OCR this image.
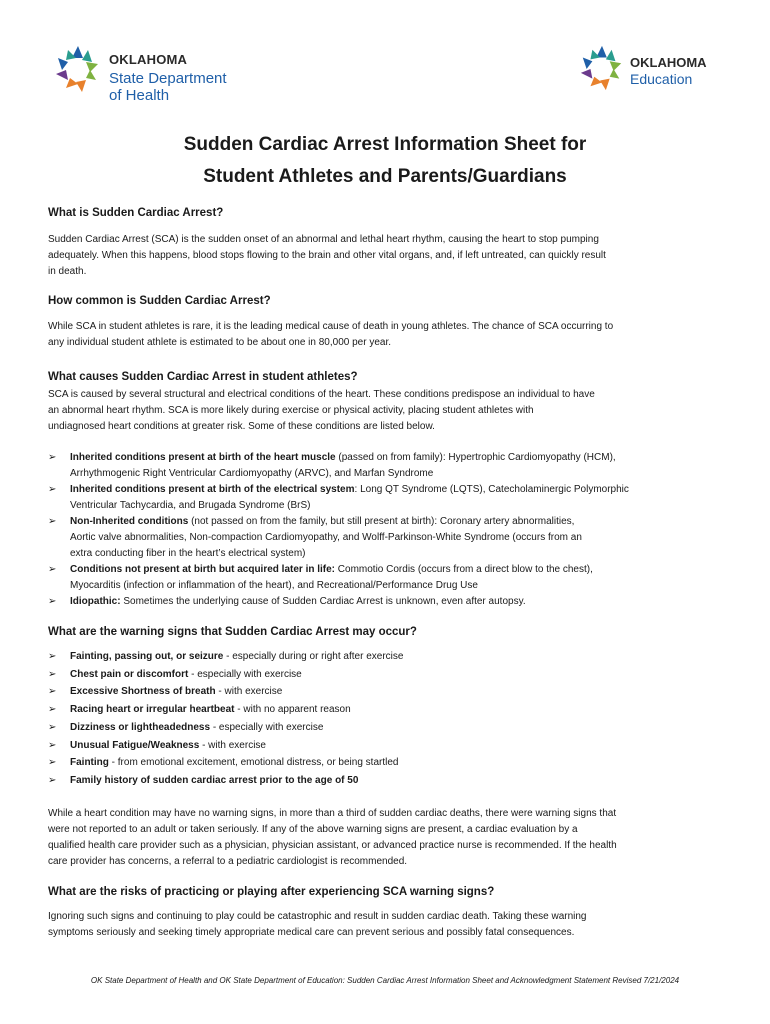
OKLAHOMA
State Department
of Health
OKLAHOMA
Education
Sudden Cardiac Arrest Information Sheet for
Student Athletes and Parents/Guardians
What is Sudden Cardiac Arrest?
Sudden Cardiac Arrest (SCA) is the sudden onset of an abnormal and lethal heart rhythm, causing the heart to stop pumping
adequately. When this happens, blood stops flowing to the brain and other vital organs, and, if left untreated, can quickly result
in death.
How common is Sudden Cardiac Arrest?
While SCA in student athletes is rare, it is the leading medical cause of death in young athletes. The chance of SCA occurring to
any individual student athlete is estimated to be about one in 80,000 per year.
What causes Sudden Cardiac Arrest in student athletes?
SCA is caused by several structural and electrical conditions of the heart. These conditions predispose an individual to have
an abnormal heart rhythm. SCA is more likely during exercise or physical activity, placing student athletes with
undiagnosed heart conditions at greater risk. Some of these conditions are listed below.
➢ Inherited conditions present at birth of the heart muscle (passed on from family): Hypertrophic Cardiomyopathy (HCM),
Arrhythmogenic Right Ventricular Cardiomyopathy (ARVC), and Marfan Syndrome
➢ Inherited conditions present at birth of the electrical system: Long QT Syndrome (LQTS), Catecholaminergic Polymorphic
Ventricular Tachycardia, and Brugada Syndrome (BrS)
➢ Non-Inherited conditions (not passed on from the family, but still present at birth): Coronary artery abnormalities,
Aortic valve abnormalities, Non-compaction Cardiomyopathy, and Wolff-Parkinson-White Syndrome (occurs from an
extra conducting fiber in the heart’s electrical system)
➢ Conditions not present at birth but acquired later in life: Commotio Cordis (occurs from a direct blow to the chest),
Myocarditis (infection or inflammation of the heart), and Recreational/Performance Drug Use
➢ Idiopathic: Sometimes the underlying cause of Sudden Cardiac Arrest is unknown, even after autopsy.
What are the warning signs that Sudden Cardiac Arrest may occur?
➢ Fainting, passing out, or seizure - especially during or right after exercise
➢ Chest pain or discomfort - especially with exercise
➢ Excessive Shortness of breath - with exercise
➢ Racing heart or irregular heartbeat - with no apparent reason
➢ Dizziness or lightheadedness - especially with exercise
➢ Unusual Fatigue/Weakness - with exercise
➢ Fainting - from emotional excitement, emotional distress, or being startled
➢ Family history of sudden cardiac arrest prior to the age of 50
While a heart condition may have no warning signs, in more than a third of sudden cardiac deaths, there were warning signs that
were not reported to an adult or taken seriously. If any of the above warning signs are present, a cardiac evaluation by a
qualified health care provider such as a physician, physician assistant, or advanced practice nurse is recommended. If the health
care provider has concerns, a referral to a pediatric cardiologist is recommended.
What are the risks of practicing or playing after experiencing SCA warning signs?
Ignoring such signs and continuing to play could be catastrophic and result in sudden cardiac death. Taking these warning
symptoms seriously and seeking timely appropriate medical care can prevent serious and possibly fatal consequences.
OK State Department of Health and OK State Department of Education: Sudden Cardiac Arrest Information Sheet and Acknowledgment Statement Revised 7/21/2024
